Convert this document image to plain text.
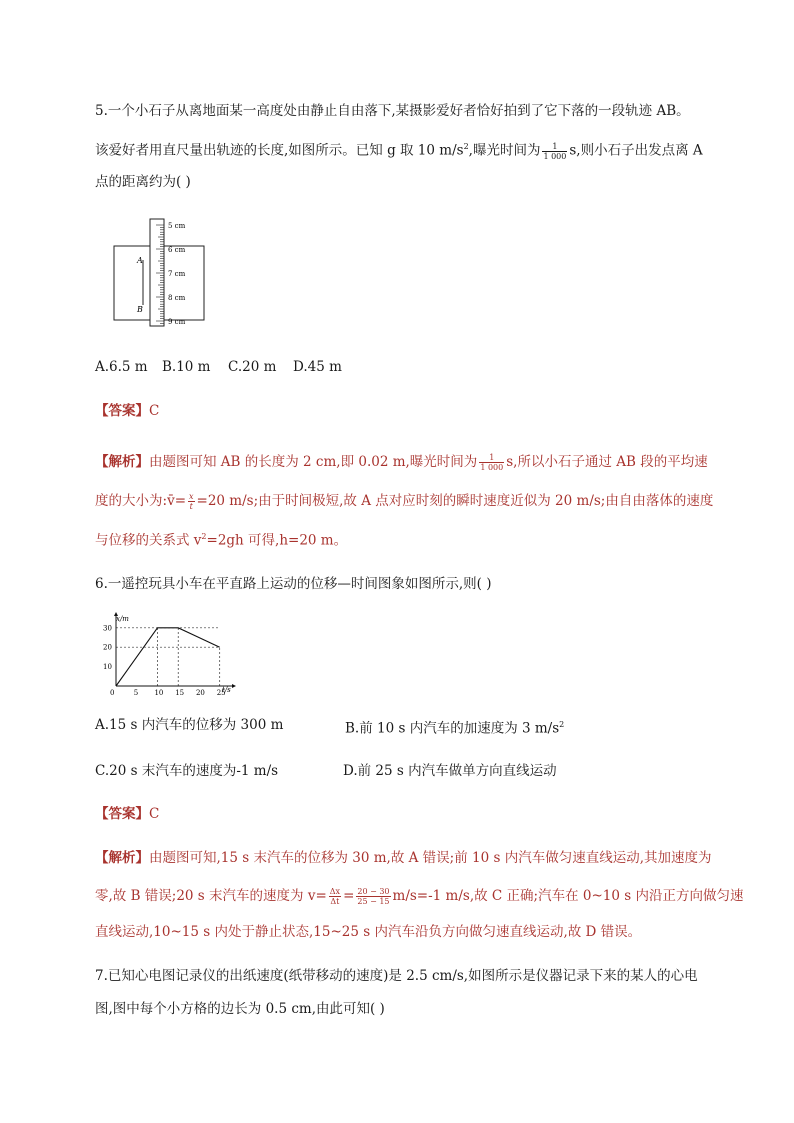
5.一个小石子从离地面某一高度处由静止自由落下,某摄影爱好者恰好拍到了它下落的一段轨迹 AB。
该爱好者用直尺量出轨迹的长度,如图所示。已知 g 取 10 $m/s^2$,曝光时间为 $\frac{1}{1 000} s$,则小石子出发点离 A
点的距离约为( )
A
B
5 cm
6 cm
7 cm
8 cm
9 cm
A.6.5 m B.10 m C.20 m D.45 m
【答案】C
【解析】由题图可知 AB 的长度为 2 cm,即 0.02 m,曝光时间为 $\frac{1}{1 000} s$,所以小石子通过 AB 段的平均速
度的大小为:v̄= $\frac{x}{t} =20$ m/s;由于时间极短,故 A 点对应时刻的瞬时速度近似为 20 m/s;由自由落体的速度
与位移的关系式 $v^2=2gh$ 可得,h=20 m。
6.一遥控玩具小车在平直路上运动的位移—时间图象如图所示,则( )
0	5 10 15 20 25
10
20
30
x/m
t/s
A.15 s 内汽车的位移为 300 m	B.前 10 s 内汽车的加速度为 3 $m/s^2$
C.20 s 末汽车的速度为-1 m/s	D.前 25 s 内汽车做单方向直线运动
【答案】C
【解析】由题图可知,15 s 末汽车的位移为 30 m,故 A 错误;前 10 s 内汽车做匀速直线运动,其加速度为
零,故 B 错误;20 s 末汽车的速度为 $v= \frac{\Delta x}{\Delta t} = \frac{20 - 30}{25 - 15} m/s=-1$ m/s,故 C 正确;汽车在 0~10 s 内沿正方向做匀速
直线运动,10~15 s 内处于静止状态,15~25 s 内汽车沿负方向做匀速直线运动,故 D 错误。
7.已知心电图记录仪的出纸速度(纸带移动的速度)是 2.5 cm/s,如图所示是仪器记录下来的某人的心电
图,图中每个小方格的边长为 0.5 cm,由此可知( )
